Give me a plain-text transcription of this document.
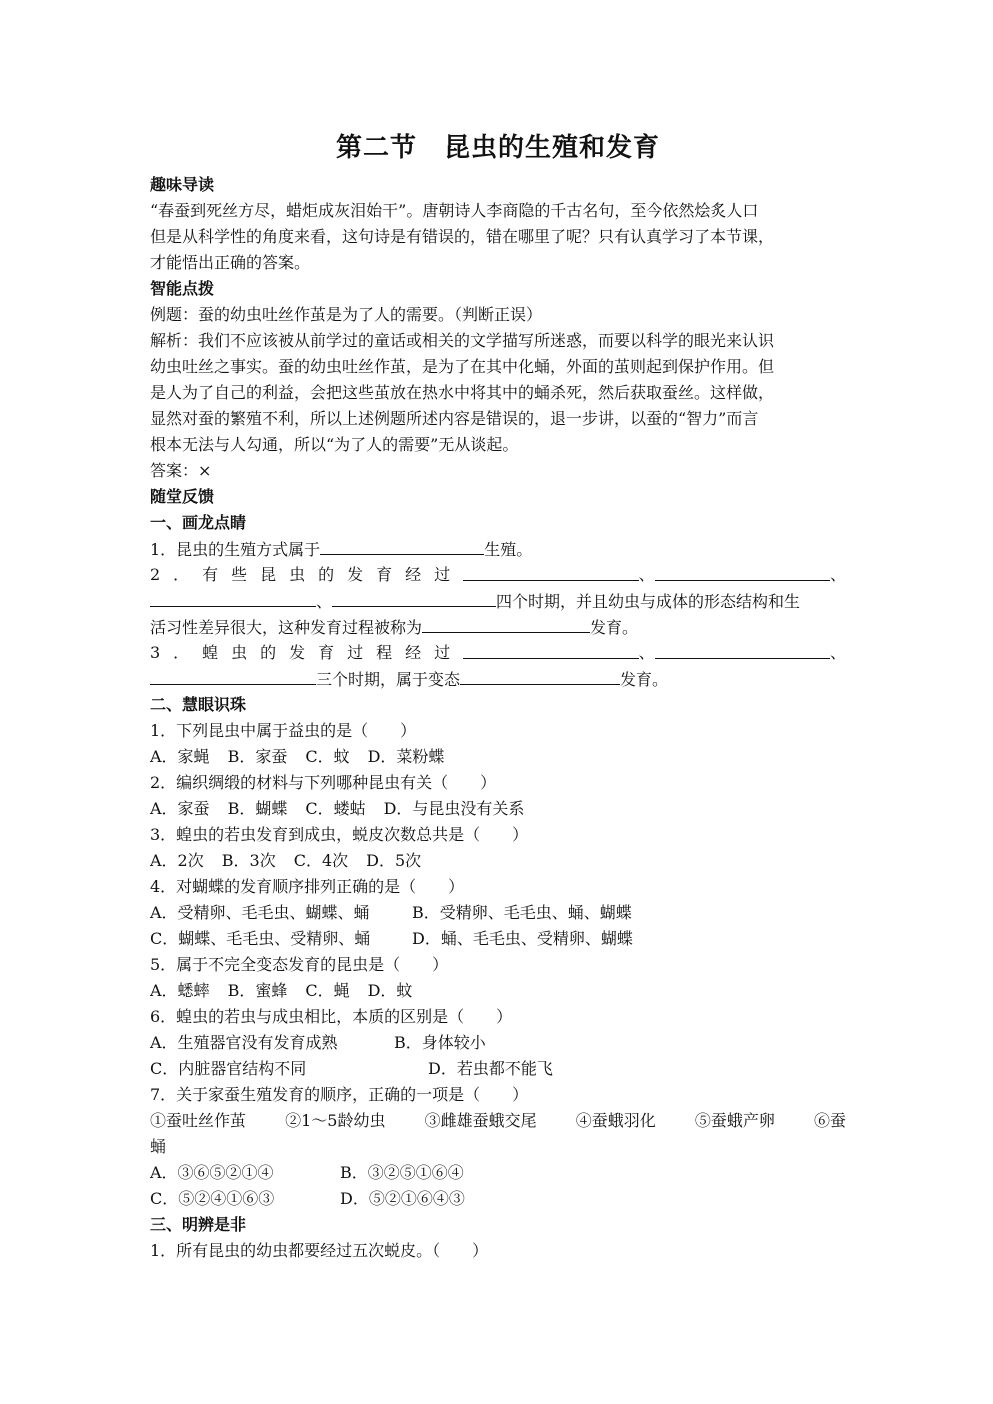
第二节　昆虫的生殖和发育
趣味导读
“春蚕到死丝方尽，蜡炬成灰泪始干”。唐朝诗人李商隐的千古名句，至今依然烩炙人口
但是从科学性的角度来看，这句诗是有错误的，错在哪里了呢？只有认真学习了本节课，
才能悟出正确的答案。
智能点拨
例题：蚕的幼虫吐丝作茧是为了人的需要。（判断正误）
解析：我们不应该被从前学过的童话或相关的文学描写所迷惑，而要以科学的眼光来认识
幼虫吐丝之事实。蚕的幼虫吐丝作茧，是为了在其中化蛹，外面的茧则起到保护作用。但
是人为了自己的利益，会把这些茧放在热水中将其中的蛹杀死，然后获取蚕丝。这样做，
显然对蚕的繁殖不利，所以上述例题所述内容是错误的，退一步讲，以蚕的“智力”而言
根本无法与人勾通，所以“为了人的需要”无从谈起。
答案：×
随堂反馈
一、画龙点睛
1．昆虫的生殖方式属于	生殖。
2．有些昆虫的发育经过	、	、
、	四个时期，并且幼虫与成体的形态结构和生
活习性差异很大，这种发育过程被称为	发育。
3．蝗虫的发育过程经过	、	、
三个时期，属于变态	发育。
二、慧眼识珠
1．下列昆虫中属于益虫的是（　　）
A．家蝇 B．家蚕 C．蚊 D．菜粉蝶
2．编织绸缎的材料与下列哪种昆虫有关（　　）
A．家蚕 B．蝴蝶 C．蝼蛄 D．与昆虫没有关系
3．蝗虫的若虫发育到成虫，蜕皮次数总共是（　　）
A．2次 B．3次 C．4次 D．5次
4．对蝴蝶的发育顺序排列正确的是（　　）
A．受精卵、毛毛虫、蝴蝶、蛹	B．受精卵、毛毛虫、蛹、蝴蝶
C．蝴蝶、毛毛虫、受精卵、蛹	D．蛹、毛毛虫、受精卵、蝴蝶
5．属于不完全变态发育的昆虫是（　　）
A．蟋蟀 B．蜜蜂 C．蝇 D．蚊
6．蝗虫的若虫与成虫相比，本质的区别是（　　）
A．生殖器官没有发育成熟	B．身体较小
C．内脏器官结构不同	D．若虫都不能飞
7．关于家蚕生殖发育的顺序，正确的一项是（　　）
①蚕吐丝作茧 ②1～5龄幼虫 ③雌雄蚕蛾交尾 ④蚕蛾羽化 ⑤蚕蛾产卵 ⑥蚕
蛹
A．③⑥⑤②①④	B．③②⑤①⑥④
C．⑤②④①⑥③	D．⑤②①⑥④③
三、明辨是非
1．所有昆虫的幼虫都要经过五次蜕皮。（　　）
